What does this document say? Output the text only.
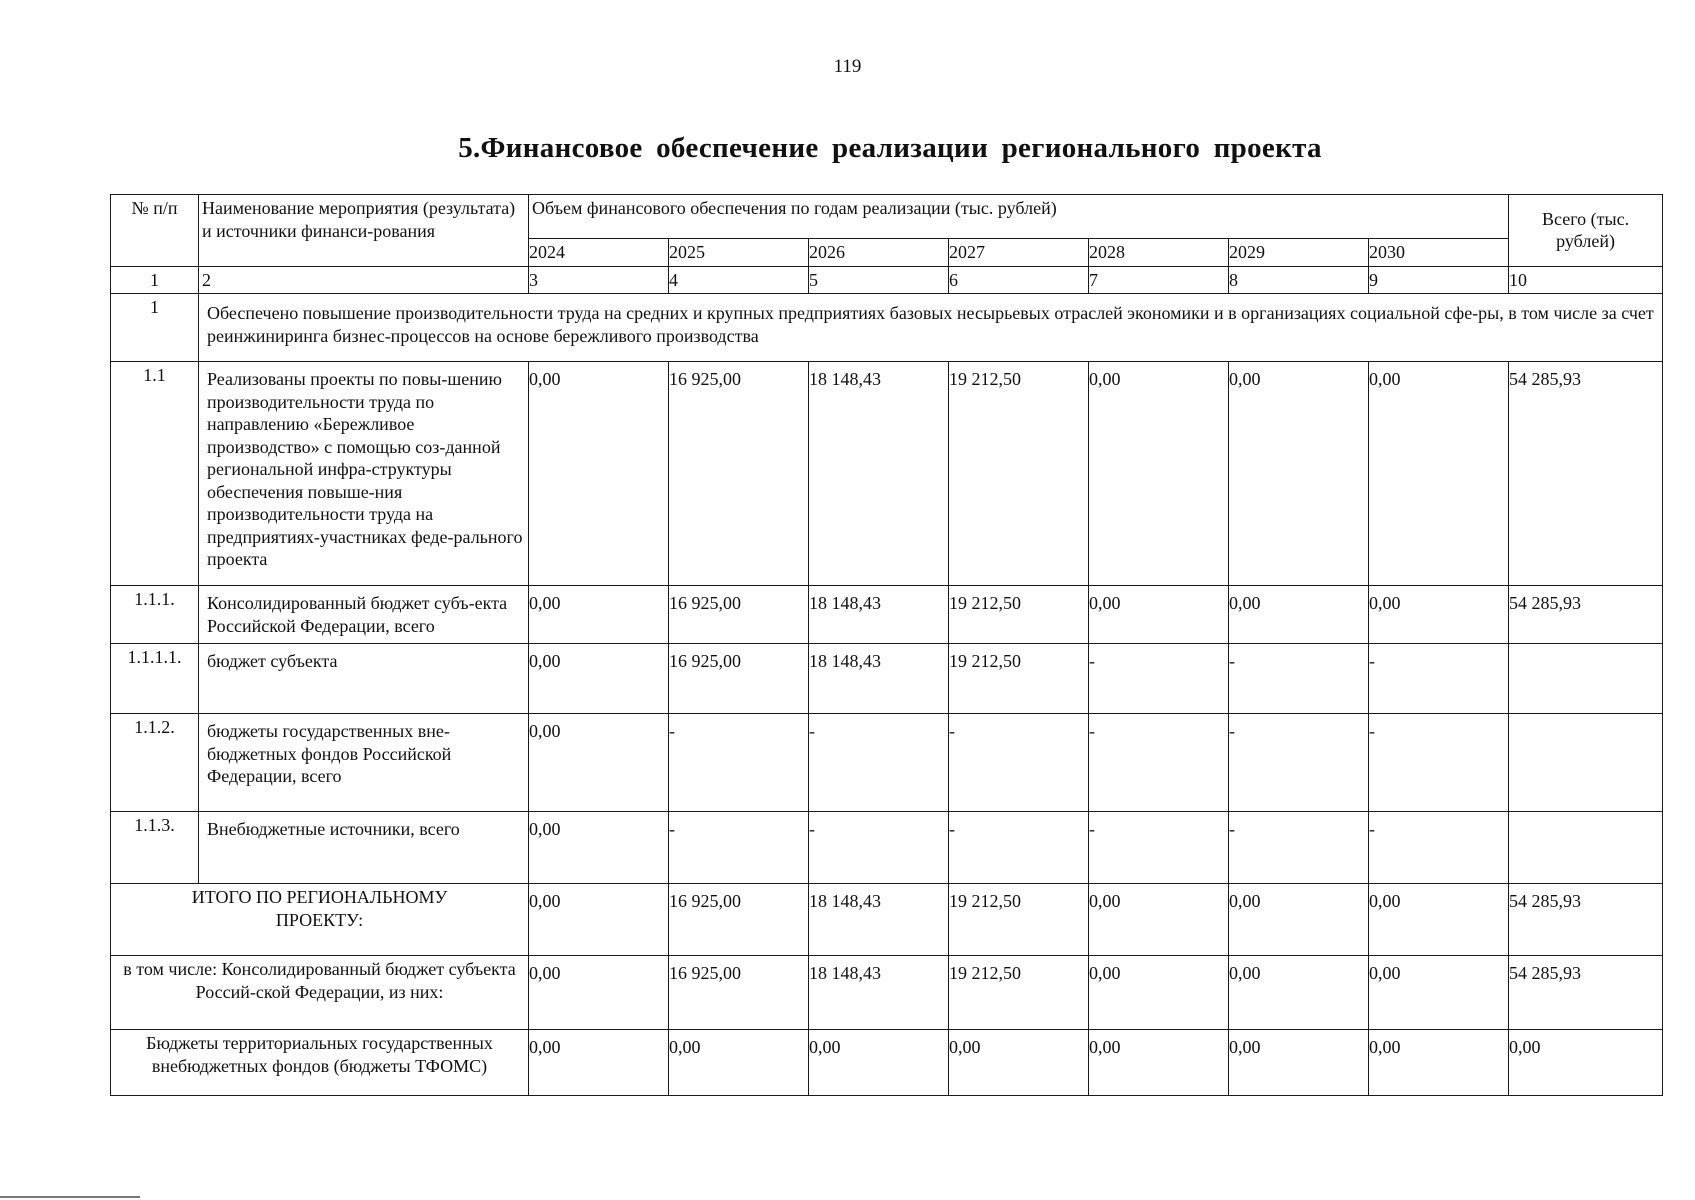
119
5.Финансовое обеспечение реализации регионального проекта
№ п/п	Наименование мероприятия (результата) и источники финанси-рования	Объем финансового обеспечения по годам реализации (тыс. рублей)							Всего (тыс. рублей)
		2024	2025	2026	2027	2028	2029	2030	
1	2	3	4	5	6	7	8	9	10
1	Обеспечено повышение производительности труда на средних и крупных предприятиях базовых несырьевых отраслей экономики и в организациях социальной сфе-ры, в том числе за счет реинжиниринга бизнес-процессов на основе бережливого производства								
1.1	Реализованы проекты по повы-шению производительности труда по направлению «Бережливое производство» с помощью соз-данной региональной инфра-структуры обеспечения повыше-ния производительности труда на предприятиях-участниках феде-рального проекта	0,00	16 925,00	18 148,43	19 212,50	0,00	0,00	0,00	54 285,93
1.1.1.	Консолидированный бюджет субъ-екта Российской Федерации, всего	0,00	16 925,00	18 148,43	19 212,50	0,00	0,00	0,00	54 285,93
1.1.1.1.	бюджет субъекта	0,00	16 925,00	18 148,43	19 212,50	-	-	-	
1.1.2.	бюджеты государственных вне-бюджетных фондов Российской Федерации, всего	0,00	-	-	-	-	-	-	
1.1.3.	Внебюджетные источники, всего	0,00	-	-	-	-	-	-	
ИТОГО ПО РЕГИОНАЛЬНОМУ ПРОЕКТУ:		0,00	16 925,00	18 148,43	19 212,50	0,00	0,00	0,00	54 285,93
в том числе: Консолидированный бюджет субъекта Россий-ской Федерации, из них:		0,00	16 925,00	18 148,43	19 212,50	0,00	0,00	0,00	54 285,93
Бюджеты территориальных государственных внебюджетных фондов (бюджеты ТФОМС)		0,00	0,00	0,00	0,00	0,00	0,00	0,00	0,00
